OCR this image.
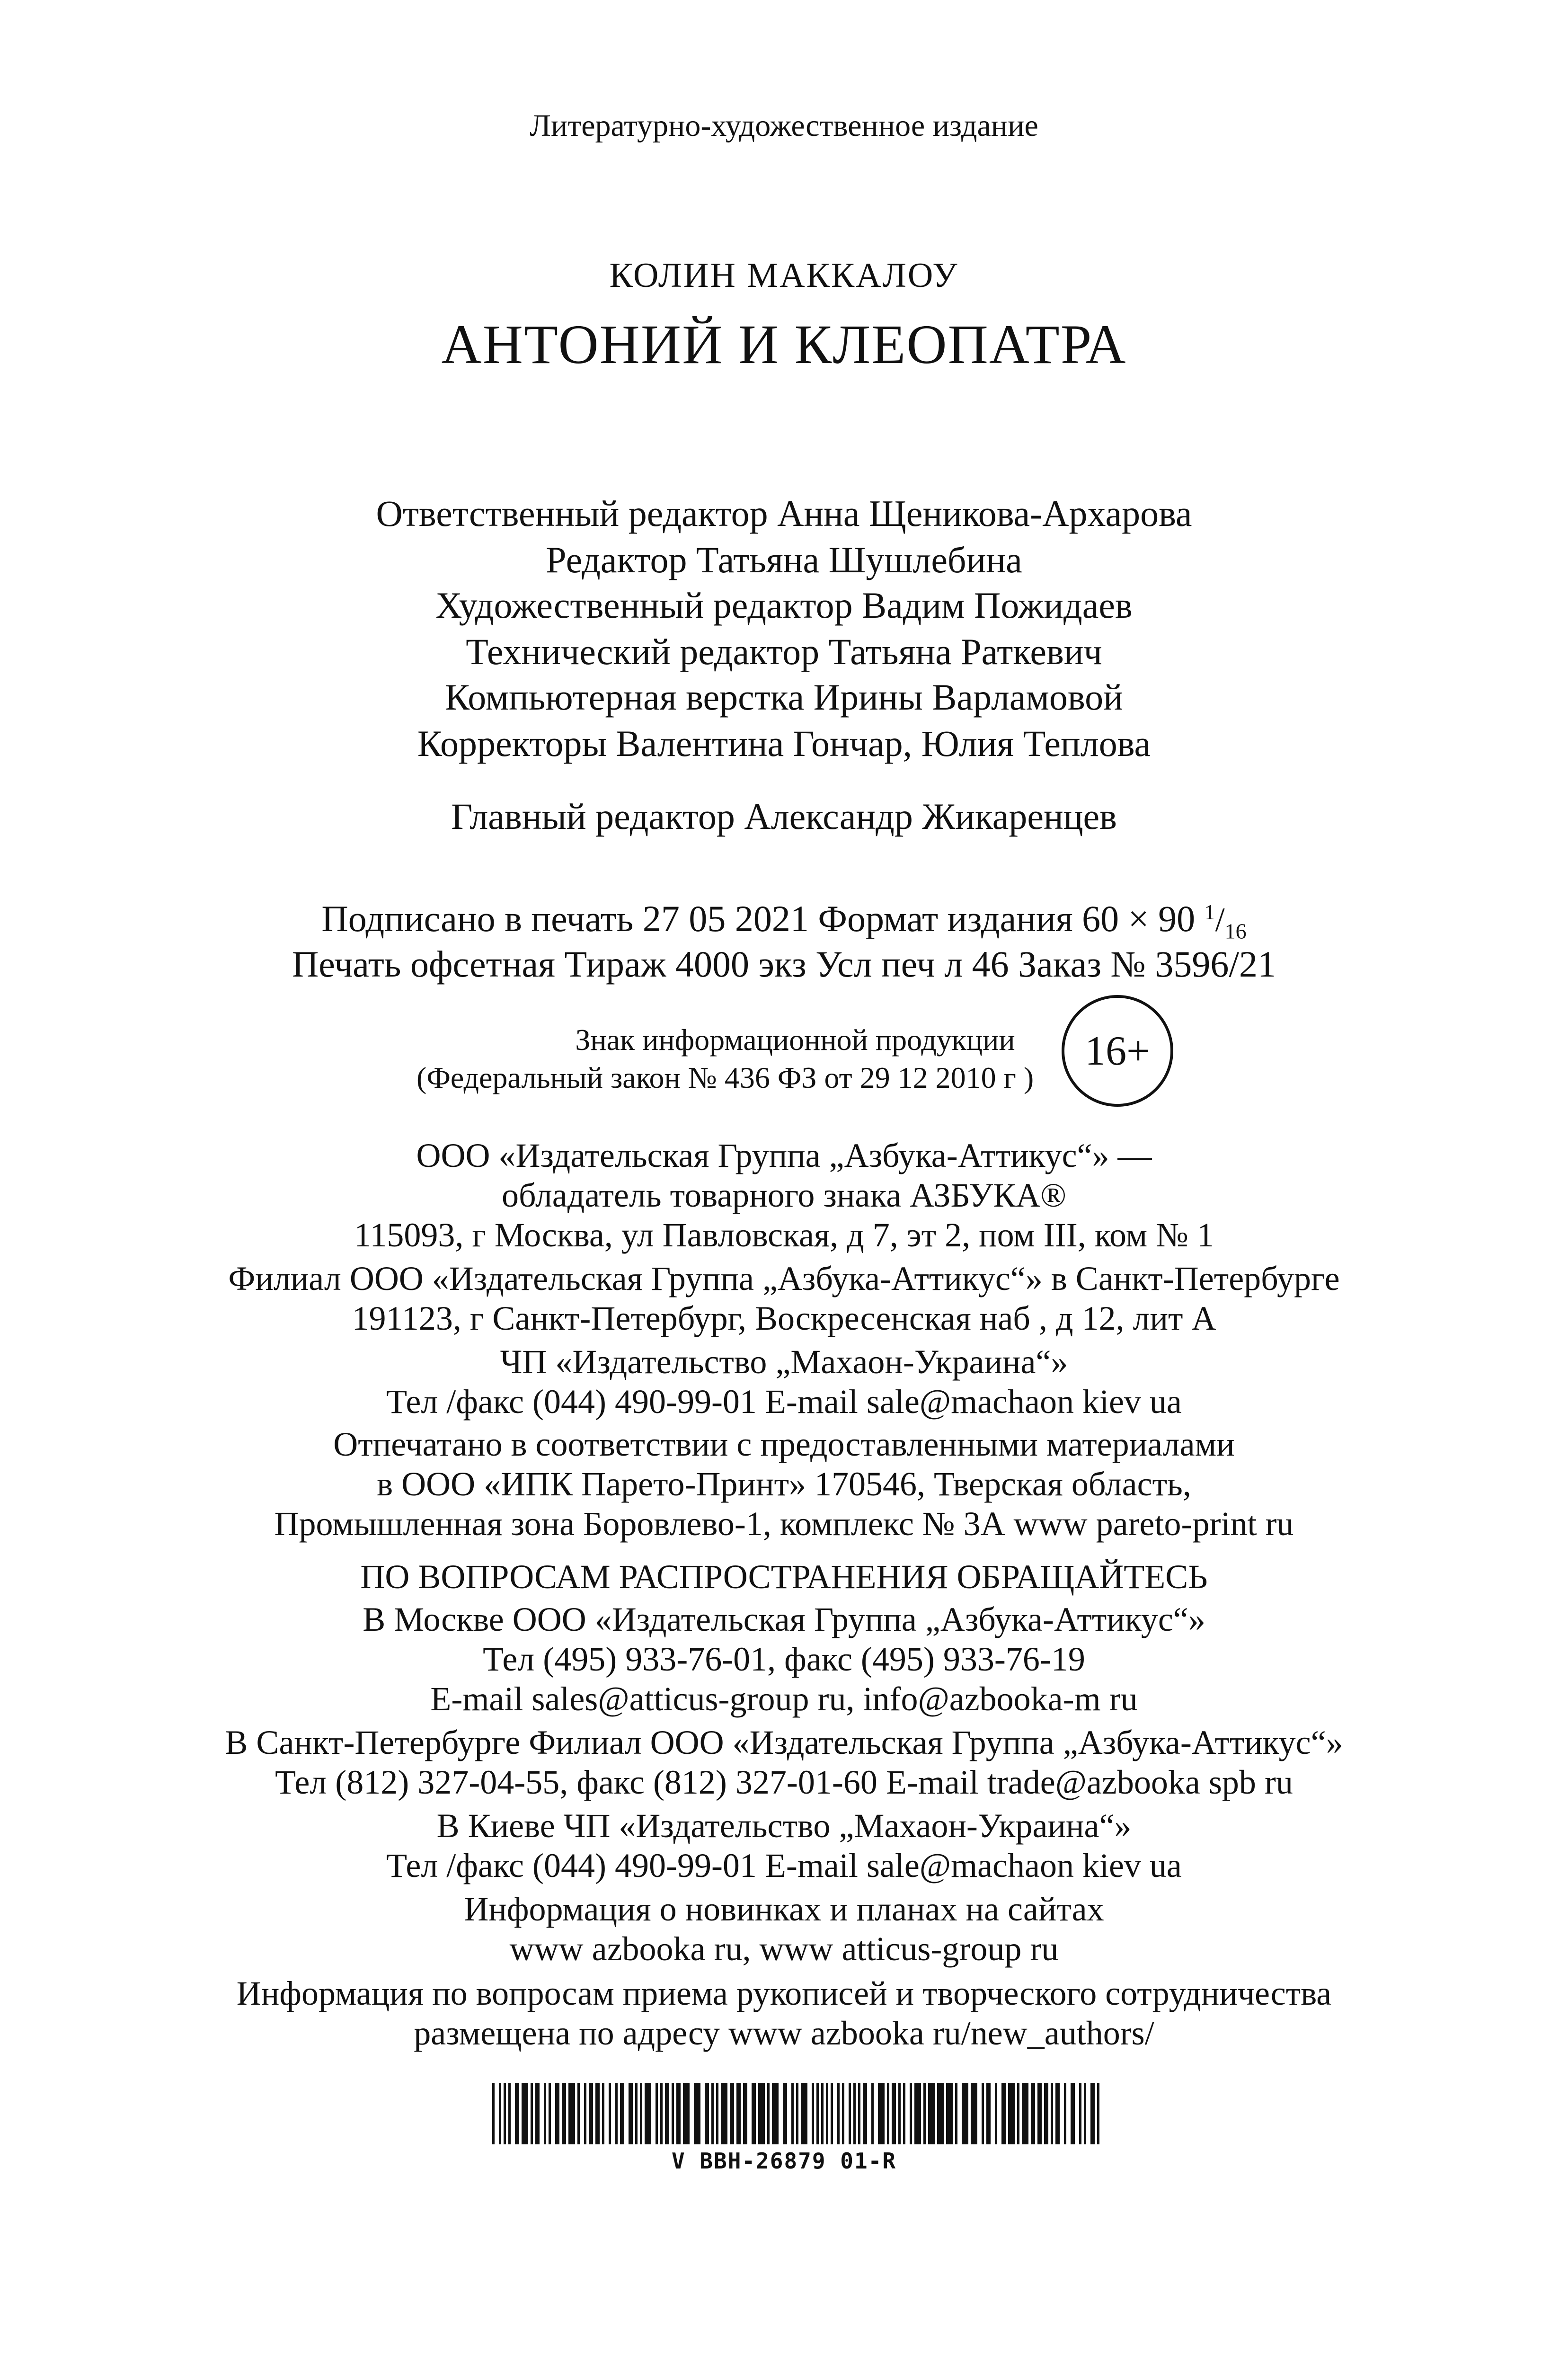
Литературно-художественное издание
КОЛИН МАККАЛОУ
АНТОНИЙ И КЛЕОПАТРА
Ответственный редактор Анна Щеникова-Архарова
Редактор Татьяна Шушлебина
Художественный редактор Вадим Пожидаев
Технический редактор Татьяна Раткевич
Компьютерная верстка Ирины Варламовой
Корректоры Валентина Гончар, Юлия Теплова
Главный редактор Александр Жикаренцев
Подписано в печать 27 05 2021 Формат издания 60 × 90 $^1/_{16}$
Печать офсетная Тираж 4000 экз Усл печ л 46 Заказ № 3596/21
Знак информационной продукции
(Федеральный закон № 436 ФЗ от 29 12 2010 г )
16+
ООО «Издательская Группа „Азбука-Аттикус“» —
обладатель товарного знака АЗБУКА®
115093, г Москва, ул Павловская, д 7, эт 2, пом III, ком № 1
Филиал ООО «Издательская Группа „Азбука-Аттикус“» в Санкт-Петербурге
191123, г Санкт-Петербург, Воскресенская наб , д 12, лит А
ЧП «Издательство „Махаон-Украина“»
Тел /факс (044) 490-99-01 E-mail sale@machaon kiev ua
Отпечатано в соответствии с предоставленными материалами
в ООО «ИПК Парето-Принт» 170546, Тверская область,
Промышленная зона Боровлево-1, комплекс № 3А www pareto-print ru
ПО ВОПРОСАМ РАСПРОСТРАНЕНИЯ ОБРАЩАЙТЕСЬ
В Москве ООО «Издательская Группа „Азбука-Аттикус“»
Тел (495) 933-76-01, факс (495) 933-76-19
E-mail sales@atticus-group ru, info@azbooka-m ru
В Санкт-Петербурге Филиал ООО «Издательская Группа „Азбука-Аттикус“»
Тел (812) 327-04-55, факс (812) 327-01-60 E-mail trade@azbooka spb ru
В Киеве ЧП «Издательство „Махаон-Украина“»
Тел /факс (044) 490-99-01 E-mail sale@machaon kiev ua
Информация о новинках и планах на сайтах
www azbooka ru, www atticus-group ru
Информация по вопросам приема рукописей и творческого сотрудничества
размещена по адресу www azbooka ru/new_authors/
V BBH-26879 01-R
